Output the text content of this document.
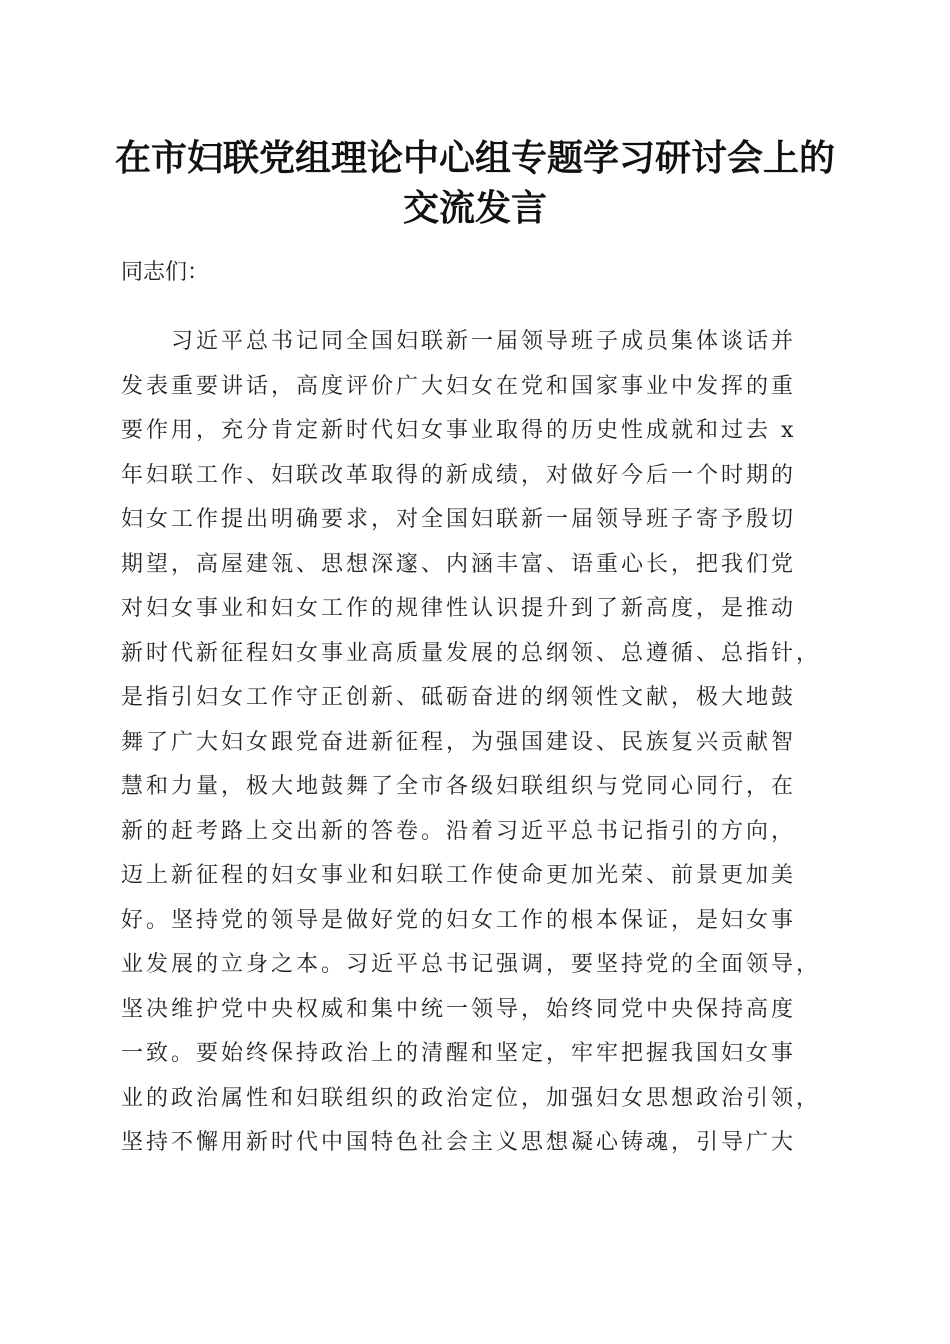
在市妇联党组理论中心组专题学习研讨会上的
交流发言

同志们：

习近平总书记同全国妇联新一届领导班子成员集体谈话并
发表重要讲话，高度评价广大妇女在党和国家事业中发挥的重
要作用，充分肯定新时代妇女事业取得的历史性成就和过去 x
年妇联工作、妇联改革取得的新成绩，对做好今后一个时期的
妇女工作提出明确要求，对全国妇联新一届领导班子寄予殷切
期望，高屋建瓴、思想深邃、内涵丰富、语重心长，把我们党
对妇女事业和妇女工作的规律性认识提升到了新高度，是推动
新时代新征程妇女事业高质量发展的总纲领、总遵循、总指针，
是指引妇女工作守正创新、砥砺奋进的纲领性文献，极大地鼓
舞了广大妇女跟党奋进新征程，为强国建设、民族复兴贡献智
慧和力量，极大地鼓舞了全市各级妇联组织与党同心同行，在
新的赶考路上交出新的答卷。沿着习近平总书记指引的方向，
迈上新征程的妇女事业和妇联工作使命更加光荣、前景更加美
好。坚持党的领导是做好党的妇女工作的根本保证，是妇女事
业发展的立身之本。习近平总书记强调，要坚持党的全面领导，
坚决维护党中央权威和集中统一领导，始终同党中央保持高度
一致。要始终保持政治上的清醒和坚定，牢牢把握我国妇女事
业的政治属性和妇联组织的政治定位，加强妇女思想政治引领，
坚持不懈用新时代中国特色社会主义思想凝心铸魂，引导广大
